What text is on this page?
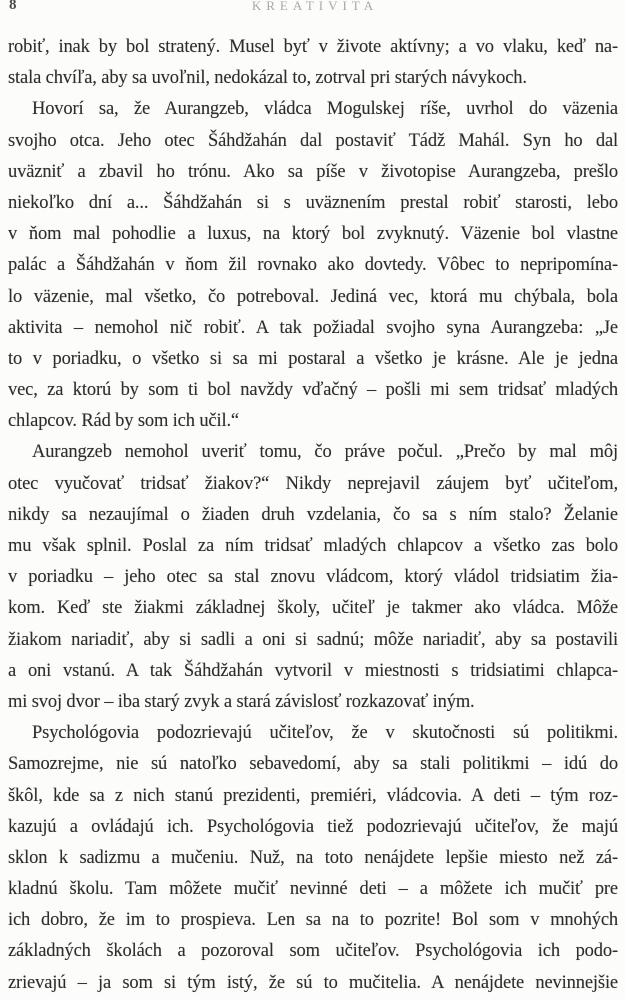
8	KREATIVITA
robiť, inak by bol stratený. Musel byť v živote aktívny; a vo vlaku, keď na-
stala chvíľa, aby sa uvoľnil, nedokázal to, zotrval pri starých návykoch.
Hovorí sa, že Aurangzeb, vládca Mogulskej ríše, uvrhol do väzenia
svojho otca. Jeho otec Šáhdžahán dal postaviť Tádž Mahál. Syn ho dal
uväzniť a zbavil ho trónu. Ako sa píše v životopise Aurangzeba, prešlo
niekoľko dní a... Šáhdžahán si s uväznením prestal robiť starosti, lebo
v ňom mal pohodlie a luxus, na ktorý bol zvyknutý. Väzenie bol vlastne
palác a Šáhdžahán v ňom žil rovnako ako dovtedy. Vôbec to nepripomína-
lo väzenie, mal všetko, čo potreboval. Jediná vec, ktorá mu chýbala, bola
aktivita – nemohol nič robiť. A tak požiadal svojho syna Aurangzeba: „Je
to v poriadku, o všetko si sa mi postaral a všetko je krásne. Ale je jedna
vec, za ktorú by som ti bol navždy vďačný – pošli mi sem tridsať mladých
chlapcov. Rád by som ich učil.“
Aurangzeb nemohol uveriť tomu, čo práve počul. „Prečo by mal môj
otec vyučovať tridsať žiakov?“ Nikdy neprejavil záujem byť učiteľom,
nikdy sa nezaujímal o žiaden druh vzdelania, čo sa s ním stalo? Želanie
mu však splnil. Poslal za ním tridsať mladých chlapcov a všetko zas bolo
v poriadku – jeho otec sa stal znovu vládcom, ktorý vládol tridsiatim žia-
kom. Keď ste žiakmi základnej školy, učiteľ je takmer ako vládca. Môže
žiakom nariadiť, aby si sadli a oni si sadnú; môže nariadiť, aby sa postavili
a oni vstanú. A tak Šáhdžahán vytvoril v miestnosti s tridsiatimi chlapca-
mi svoj dvor – iba starý zvyk a stará závislosť rozkazovať iným.
Psychológovia podozrievajú učiteľov, že v skutočnosti sú politikmi.
Samozrejme, nie sú natoľko sebavedomí, aby sa stali politikmi – idú do
škôl, kde sa z nich stanú prezidenti, premiéri, vládcovia. A deti – tým roz-
kazujú a ovládajú ich. Psychológovia tiež podozrievajú učiteľov, že majú
sklon k sadizmu a mučeniu. Nuž, na toto nenájdete lepšie miesto než zá-
kladnú školu. Tam môžete mučiť nevinné deti – a môžete ich mučiť pre
ich dobro, že im to prospieva. Len sa na to pozrite! Bol som v mnohých
základných školách a pozoroval som učiteľov. Psychológovia ich podo-
zrievajú – ja som si tým istý, že sú to mučitelia. A nenájdete nevinnejšie
